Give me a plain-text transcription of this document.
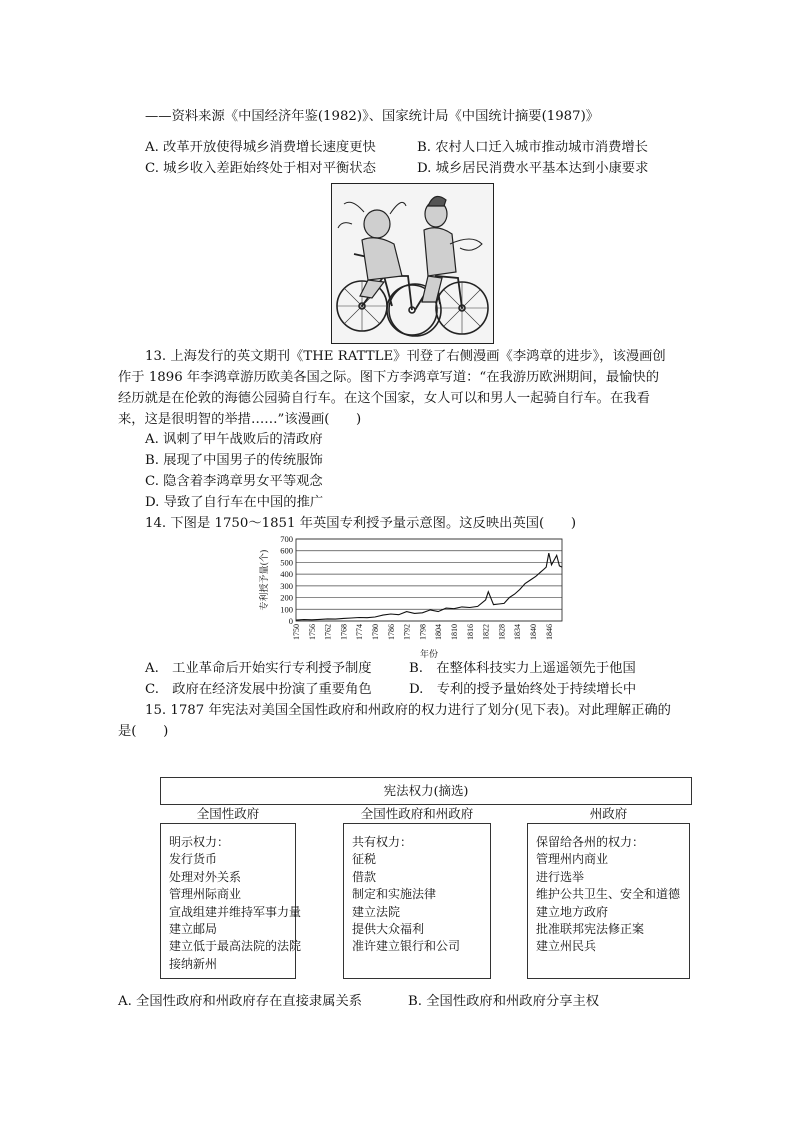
——资料来源《中国经济年鉴(1982)》、国家统计局《中国统计摘要(1987)》
A. 改革开放使得城乡消费增长速度更快	B. 农村人口迁入城市推动城市消费增长
C. 城乡收入差距始终处于相对平衡状态	D. 城乡居民消费水平基本达到小康要求
13. 上海发行的英文期刊《THE RATTLE》刊登了右侧漫画《李鸿章的进步》，该漫画创
作于 1896 年李鸿章游历欧美各国之际。图下方李鸿章写道：“在我游历欧洲期间，最愉快的
经历就是在伦敦的海德公园骑自行车。在这个国家，女人可以和男人一起骑自行车。在我看
来，这是很明智的举措……”该漫画(　　)
A. 讽刺了甲午战败后的清政府
B. 展现了中国男子的传统服饰
C. 隐含着李鸿章男女平等观念
D. 导致了自行车在中国的推广
14. 下图是 1750～1851 年英国专利授予量示意图。这反映出英国(　　)
0
100
200
300
400
500
600
700
1750 1756 1762 1768 1774 1780 1786 1792 1798 1804 1810 1816 1822 1828 1834 1840 1846
年份
专利授予量(个)
A.　工业革命后开始实行专利授予制度	B.　在整体科技实力上遥遥领先于他国
C.　政府在经济发展中扮演了重要角色	D.　专利的授予量始终处于持续增长中
15. 1787 年宪法对美国全国性政府和州政府的权力进行了划分(见下表)。对此理解正确的
是(　　)
宪法权力(摘选)
全国性政府	全国性政府和州政府	州政府
明示权力：
发行货币
处理对外关系
管理州际商业
宣战组建并维持军事力量
建立邮局
建立低于最高法院的法院
接纳新州
共有权力：
征税
借款
制定和实施法律
建立法院
提供大众福利
准许建立银行和公司
保留给各州的权力：
管理州内商业
进行选举
维护公共卫生、安全和道德
建立地方政府
批准联邦宪法修正案
建立州民兵
A. 全国性政府和州政府存在直接隶属关系	B. 全国性政府和州政府分享主权
